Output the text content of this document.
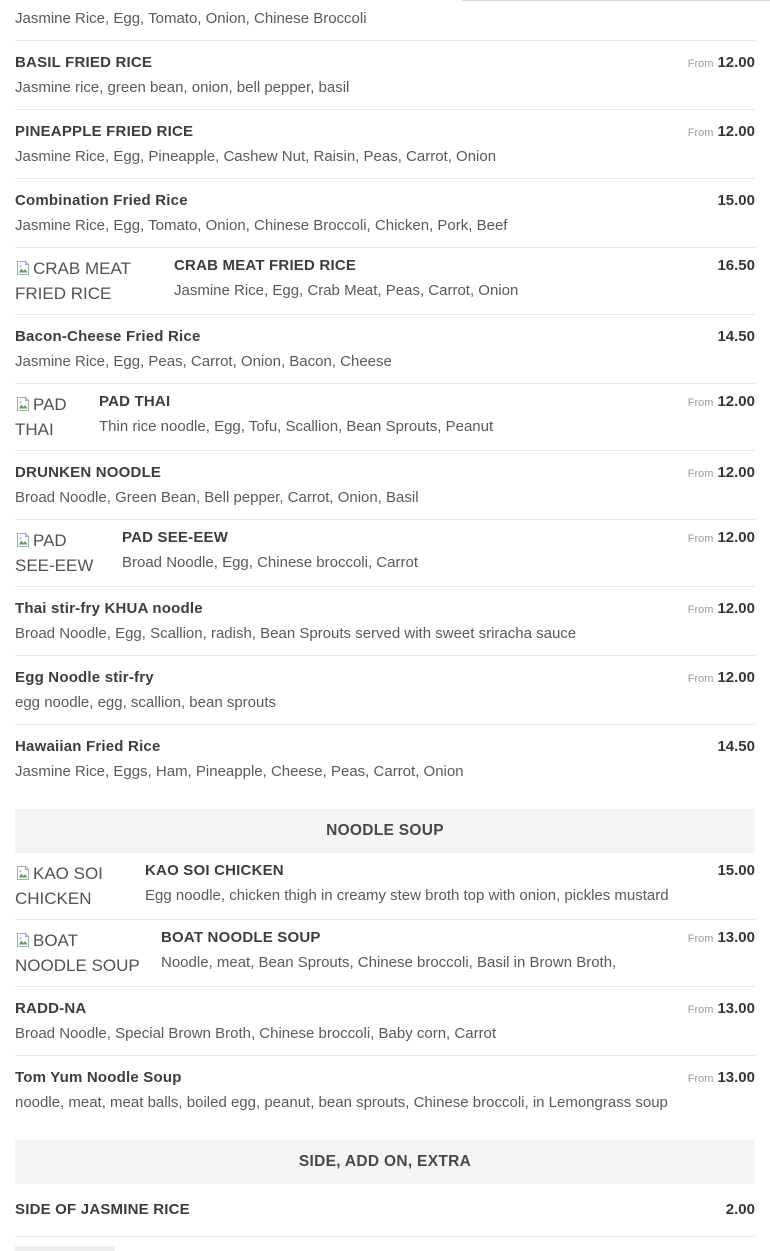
Jasmine Rice, Egg, Tomato, Onion, Chinese Broccoli
BASIL FRIED RICE	From 12.00
Jasmine rice, green bean, onion, bell pepper, basil
PINEAPPLE FRIED RICE	From 12.00
Jasmine Rice, Egg, Pineapple, Cashew Nut, Raisin, Peas, Carrot, Onion
Combination Fried Rice	15.00
Jasmine Rice, Egg, Tomato, Onion, Chinese Broccoli, Chicken, Pork, Beef
CRAB MEAT FRIED RICE
CRAB MEAT FRIED RICE	16.50
Jasmine Rice, Egg, Crab Meat, Peas, Carrot, Onion
Bacon-Cheese Fried Rice	14.50
Jasmine Rice, Egg, Peas, Carrot, Onion, Bacon, Cheese
PAD THAI
PAD THAI	From 12.00
Thin rice noodle, Egg, Tofu, Scallion, Bean Sprouts, Peanut
DRUNKEN NOODLE	From 12.00
Broad Noodle, Green Bean, Bell pepper, Carrot, Onion, Basil
PAD SEE-EEW
PAD SEE-EEW	From 12.00
Broad Noodle, Egg, Chinese broccoli, Carrot
Thai stir-fry KHUA noodle	From 12.00
Broad Noodle, Egg, Scallion, radish, Bean Sprouts served with sweet sriracha sauce
Egg Noodle stir-fry	From 12.00
egg noodle, egg, scallion, bean sprouts
Hawaiian Fried Rice	14.50
Jasmine Rice, Eggs, Ham, Pineapple, Cheese, Peas, Carrot, Onion
NOODLE SOUP
KAO SOI CHICKEN
KAO SOI CHICKEN	15.00
Egg noodle, chicken thigh in creamy stew broth top with onion, pickles mustard
BOAT NOODLE SOUP
BOAT NOODLE SOUP	From 13.00
Noodle, meat, Bean Sprouts, Chinese broccoli, Basil in Brown Broth,
RADD-NA	From 13.00
Broad Noodle, Special Brown Broth, Chinese broccoli, Baby corn, Carrot
Tom Yum Noodle Soup	From 13.00
noodle, meat, meat balls, boiled egg, peanut, bean sprouts, Chinese broccoli, in Lemongrass soup
SIDE, ADD ON, EXTRA
SIDE OF JASMINE RICE	2.00
